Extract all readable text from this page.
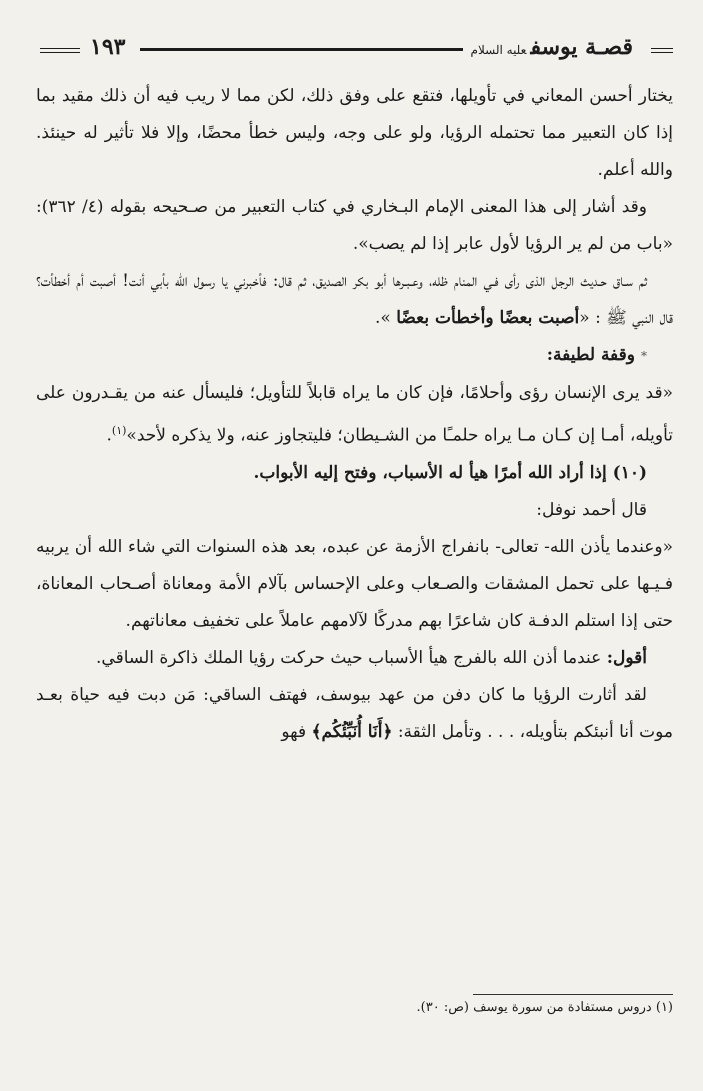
قصـة يوسفعليه السلام
١٩٣

يختار أحسن المعاني في تأويلها، فتقع على وفق ذلك، لكن مما لا ريب فيه أن ذلك مقيد بما إذا كان التعبير مما تحتمله الرؤيا، ولو على وجه، وليس خطأ محضًا، وإلا فلا تأثير له حينئذ. والله أعلم.

وقد أشار إلى هذا المعنى الإمام البـخاري في كتاب التعبير من صـحيحه بقوله (٤/ ٣٦٢): «باب من لم ير الرؤيا لأول عابر إذا لم يصب».

ثم سـاق حـديث الرجل الذى رأى فـي المنام ظله، وعـبـرها أبو بكر الصديق، ثم قال: فأخبرني يا رسول الله بأبي أنت! أصبت أم أخطأت؟ قال النبي ﷺ : «أصبت بعضًا وأخطأت بعضًا ».

*وقفة لطيفة:

«قد يرى الإنسان رؤى وأحلامًا، فإن كان ما يراه قابلاً للتأويل؛ فليسأل عنه من يقـدرون على تأويله، أمـا إن كـان مـا يراه حلمـًا من الشـيطان؛ فليتجاوز عنه، ولا يذكره لأحد»$^{(١)}$.

(١٠) إذا أراد الله أمرًا هيأ له الأسباب، وفتح إليه الأبواب.

قال أحمد نوفل:

«وعندما يأذن الله- تعالى- بانفراج الأزمة عن عبده، بعد هذه السنوات التي شاء الله أن يربيه فـيـها على تحمل المشقات والصـعاب وعلى الإحساس بآلام الأمة ومعاناة أصـحاب المعاناة، حتى إذا استلم الدفـة كان شاعرًا بهم مدركًا لآلامهم عاملاً على تخفيف معاناتهم.

أقول: عندما أذن الله بالفرج هيأ الأسباب حيث حركت رؤيا الملك ذاكرة الساقي.

لقد أثارت الرؤيا ما كان دفن من عهد بيوسف، فهتف الساقي: مَن دبت فيه حياة بعـد موت أنا أنبئكم بتأويله، . . . وتأمل الثقة: ﴿أَنَا أُنَبِّئُكُم﴾ فهو

(١) دروس مستفادة من سورة يوسف (ص: ٣٠).
